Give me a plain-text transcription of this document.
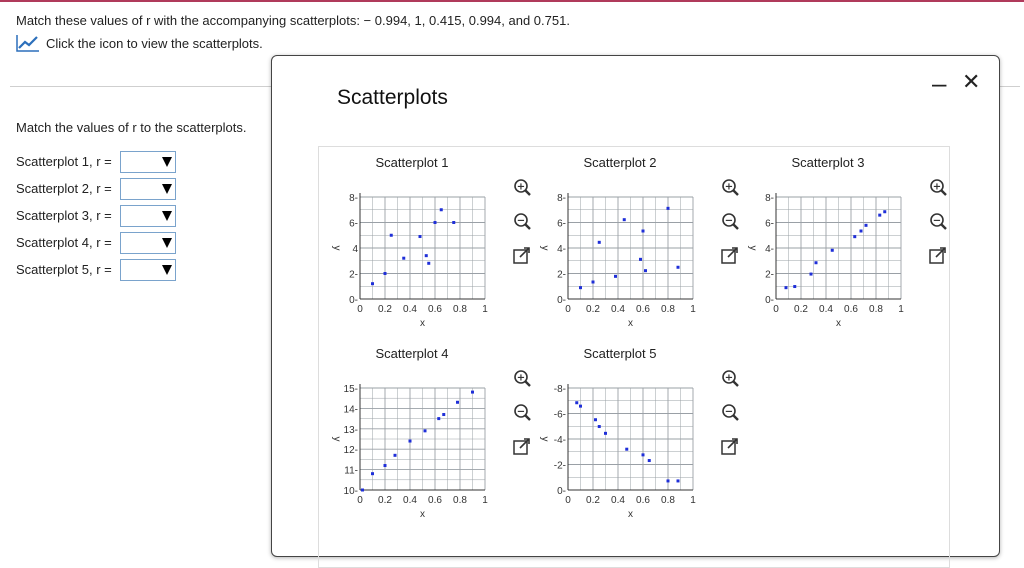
Match these values of r with the accompanying scatterplots: − 0.994, 1, 0.415, 0.994, and 0.751.
Click the icon to view the scatterplots.
Match the values of r to the scatterplots.
Scatterplot 1, r =
Scatterplot 2, r =
Scatterplot 3, r =
Scatterplot 4, r =
Scatterplot 5, r =
Scatterplots	– ✕
Scatterplot 1
0 0.2 0.4 0.6 0.8 1
0-
2-
4
6-
8-
x
y
+
−
Scatterplot 2
0 0.2 0.4 0.6 0.8 1
0-
2-
4-
6-
8-
x
y
+
−
Scatterplot 3
0 0.2 0.4 0.6 0.8 1
0-
2-
4-
6-
8-
x
y
+
−
Scatterplot 4
0 0.2 0.4 0.6 0.8 1
10-
11-
12-
13-
14-
15-
x
y
+
−
Scatterplot 5
0 0.2 0.4 0.6 0.8 1
0-
-2-
-4-
-6-
-8-
x
y
+
−
